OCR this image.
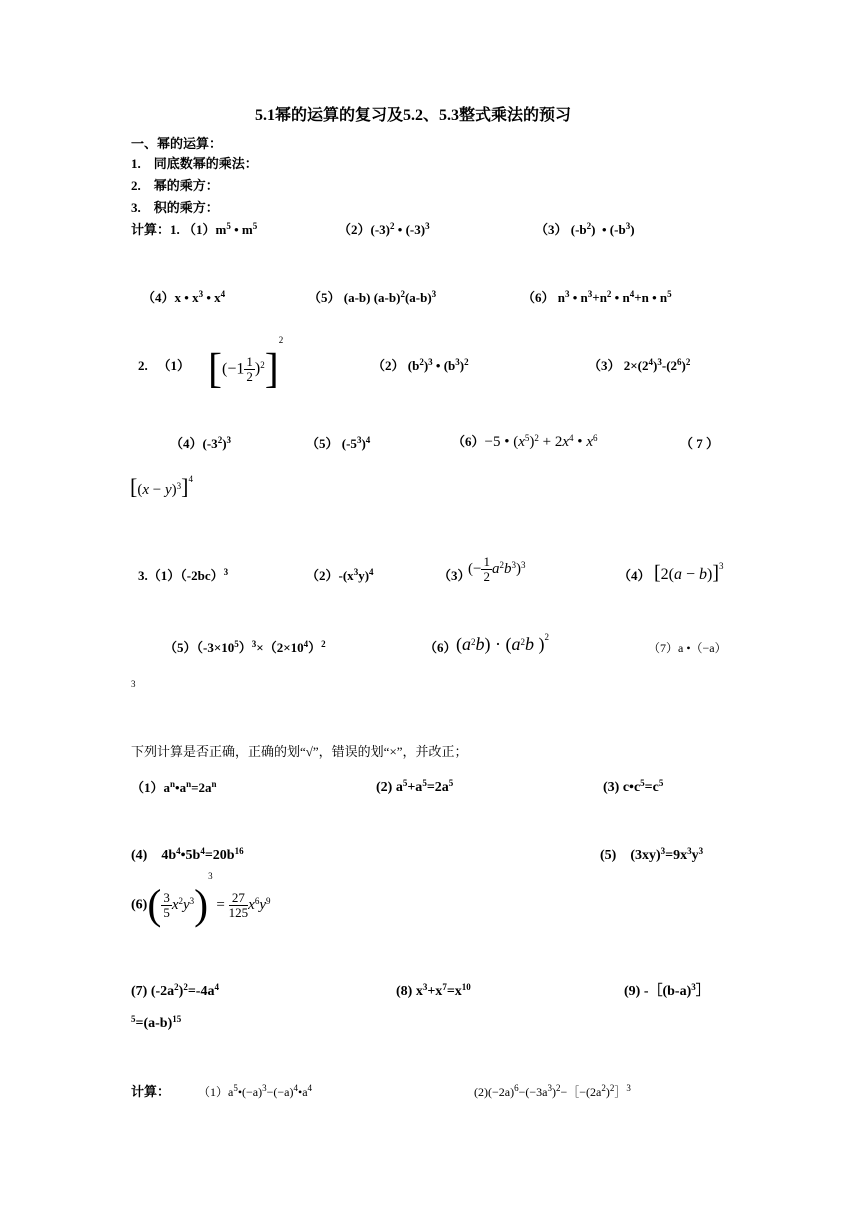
5.1幂的运算的复习及5.2、5.3整式乘法的预习
一、幂的运算：
1.　同底数幂的乘法：
2.　幂的乘方：
3.　积的乘方：
计算：1. $(1)m^5$ • $m^5$	$(2)(-3)^2$ • $(-3)^3$	（3） $(-b^2)$  • $(-b^3)$
（4）x • $x^3$ • $x^4$	（5） (a-b) $(a-b)^2(a-b)^3$	（6） $n^3$ • $n^3+n^2$ • $n^4+n$ • $n^5$
2. （1） $[(-1 \frac{1}{2} )^2]^2$
（2） $(b^2)^3$ • $(b^3)^2$	（3） $2\times(2^4)^3-(2^6)^2$
$(4)(-3^2)^3$	（5） $(-5^3)^4$	（6）−5 • $(x^5)^2 + 2x^4$ • $x^6$	（ 7 ）
$[(x - y)^3]^4$
$3.(1)(-2bc)^3$	$(2)-(x^3y)^4$	（3）
(− $\frac{1}{2} a^2b^3)^3$
（4） $[2(a - b)]^3$
$(5)(-3\times 10^5)^3\times(2\times 10^4)^2$	（6） $(a^2b) \cdot (a^2b$ )$^2$
（7）a •（−a）
3
下列计算是否正确，正确的划“√”，错误的划“×”，并改正；
$(1)a^n•a^n=2a^n$	(2) $a^5+a^5=2a^5$	(3) $c•c^5=c^5$
(4)    $4b^4•5b^4=20b^{16}$	(5)    $(3xy)^3=9x^3y^3$
$(6)( \frac{3}{5} x^2y^3)^3 = \frac{27}{125} x^6y^9$
(7) $(-2a^2)^2=-4a^4$	(8) $x^3+x^7=x^{10}$	(9) $-[(b-a)^3]$
$^5=(a-b)^{15}$
计算： $(1)a^5•(-a)^3-(-a)^4•a^4$	$(2)(-2a)^6-(-3a^3)^2-[-(2a^2)^2]^3$
